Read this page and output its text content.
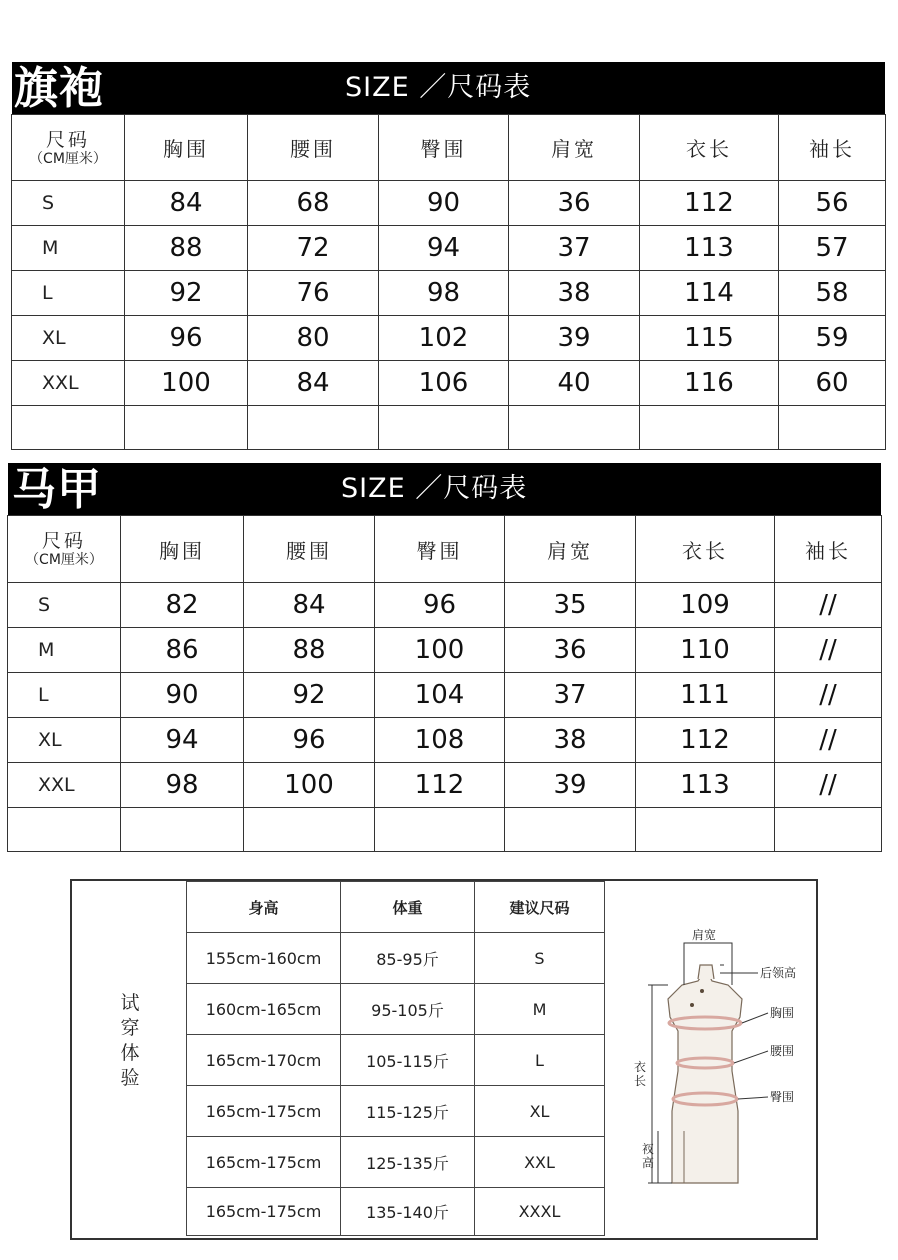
旗袍	SIZE ／尺码表
尺码
（CM厘米）	胸围	腰围	臀围	肩宽	衣长	袖长
S	84	68	90	36	112	56
M	88	72	94	37	113	57
L	92	76	98	38	114	58
XL	96	80	102	39	115	59
XXL	100	84	106	40	116	60

马甲	SIZE ／尺码表
尺码
（CM厘米）	胸围	腰围	臀围	肩宽	衣长	袖长
S	82	84	96	35	109	//
M	86	88	100	36	110	//
L	90	92	104	37	111	//
XL	94	96	108	38	112	//
XXL	98	100	112	39	113	//

试
穿
体
验
身高	体重	建议尺码
155cm-160cm	85-95斤	S
160cm-165cm	95-105斤	M
165cm-170cm	105-115斤	L
165cm-175cm	115-125斤	XL
165cm-175cm	125-135斤	XXL
165cm-175cm	135-140斤	XXXL
肩宽
后领高
胸围
腰围
臀围
衣
长
衩
高
